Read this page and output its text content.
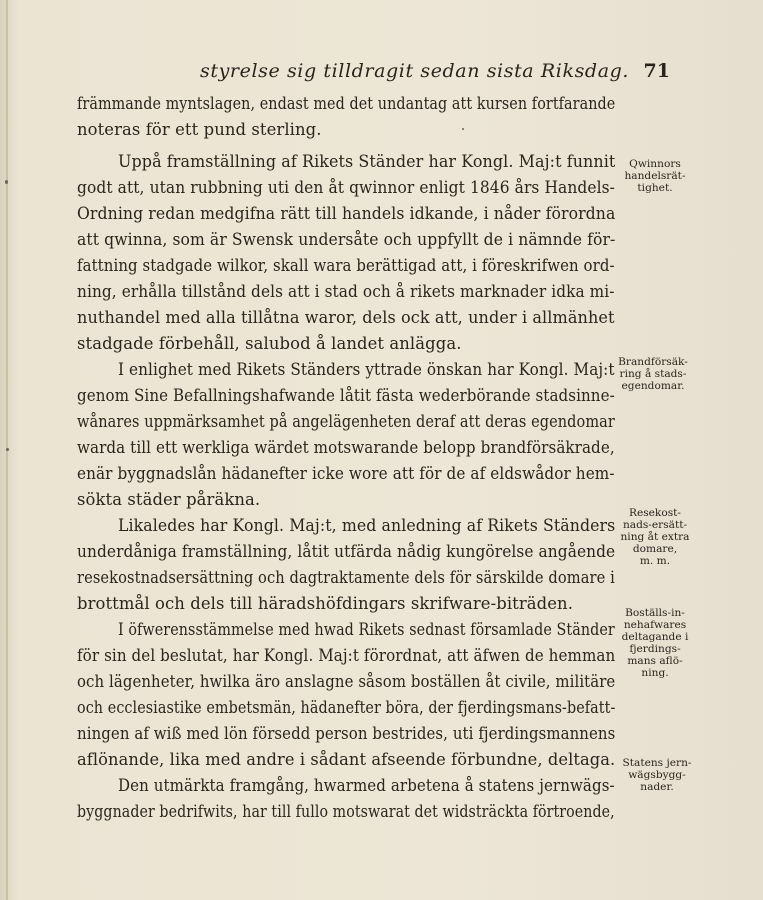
styrelse sig tilldragit sedan sista Riksdag. 71
främmande myntslagen, endast med det undantag att kursen fortfarande
noteras för ett pund sterling.
Uppå framställning af Rikets Ständer har Kongl. Maj:t funnit
godt att, utan rubbning uti den åt qwinnor enligt 1846 års Handels-
Ordning redan medgifna rätt till handels idkande, i nåder förordna
att qwinna, som är Swensk undersåte och uppfyllt de i nämnde för-
fattning stadgade wilkor, skall wara berättigad att, i föreskrifwen ord-
ning, erhålla tillstånd dels att i stad och å rikets marknader idka mi-
nuthandel med alla tillåtna waror, dels ock att, under i allmänhet
stadgade förbehåll, salubod å landet anlägga.
I enlighet med Rikets Ständers yttrade önskan har Kongl. Maj:t
genom Sine Befallningshafwande låtit fästa wederbörande stadsinne-
wånares uppmärksamhet på angelägenheten deraf att deras egendomar
warda till ett werkliga wärdet motswarande belopp brandförsäkrade,
enär byggnadslån hädanefter icke wore att för de af eldswådor hem-
sökta städer påräkna.
Likaledes har Kongl. Maj:t, med anledning af Rikets Ständers
underdåniga framställning, låtit utfärda nådig kungörelse angående
resekostnadsersättning och dagtraktamente dels för särskilde domare i
brottmål och dels till häradshöfdingars skrifware-biträden.
I öfwerensstämmelse med hwad Rikets sednast församlade Ständer
för sin del beslutat, har Kongl. Maj:t förordnat, att äfwen de hemman
och lägenheter, hwilka äro anslagne såsom boställen åt civile, militäre
och ecclesiastike embetsmän, hädanefter böra, der fjerdingsmans-befatt-
ningen af wiß med lön försedd person bestrides, uti fjerdingsmannens
aflönande, lika med andre i sådant afseende förbundne, deltaga.
Den utmärkta framgång, hwarmed arbetena å statens jernwägs-
byggnader bedrifwits, har till fullo motswarat det widsträckta förtroende,
Qwinnors
handelsrät-
tighet.
Brandförsäk-
ring å stads-
egendomar.
Resekost-
nads-ersätt-
ning åt extra
domare,
m. m.
Boställs-in-
nehafwares
deltagande i
fjerdings-
mans aflö-
ning.
Statens jern-
wägsbygg-
nader.
